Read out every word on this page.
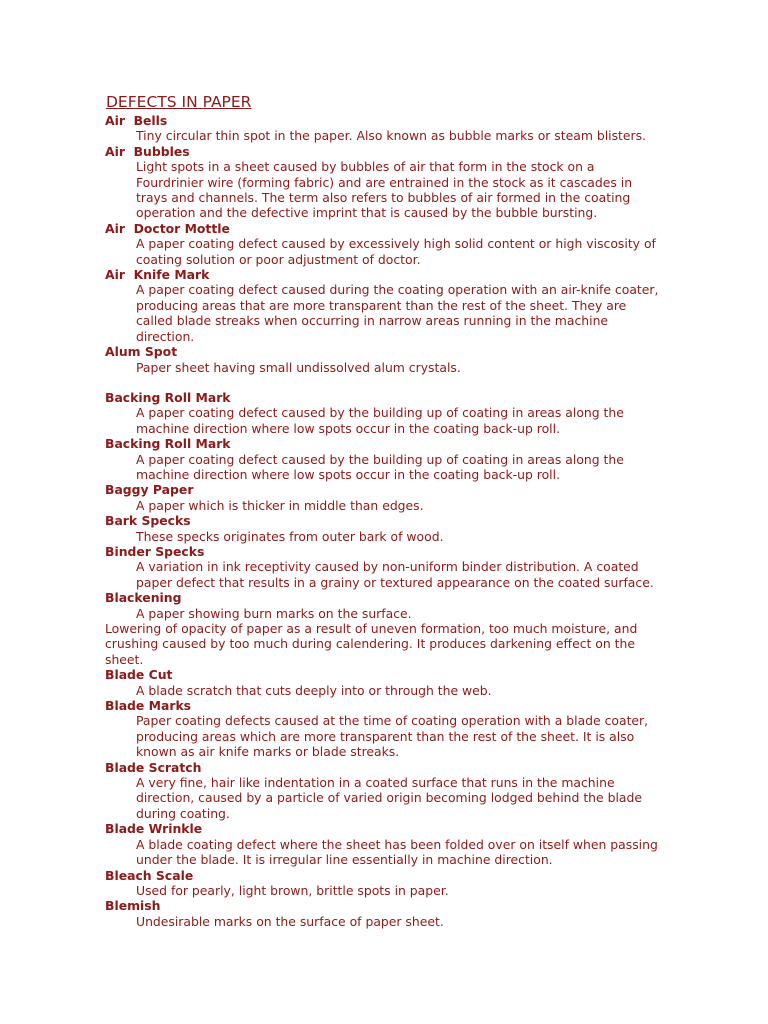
DEFECTS IN PAPER
Air  Bells
Tiny circular thin spot in the paper. Also known as bubble marks or steam blisters.
Air  Bubbles
Light spots in a sheet caused by bubbles of air that form in the stock on a Fourdrinier wire (forming fabric) and are entrained in the stock as it cascades in trays and channels. The term also refers to bubbles of air formed in the coating operation and the defective imprint that is caused by the bubble bursting.
Air  Doctor Mottle
A paper coating defect caused by excessively high solid content or high viscosity of coating solution or poor adjustment of doctor.
Air  Knife Mark
A paper coating defect caused during the coating operation with an air-knife coater, producing areas that are more transparent than the rest of the sheet. They are called blade streaks when occurring in narrow areas running in the machine direction.
Alum Spot
Paper sheet having small undissolved alum crystals.
Backing Roll Mark
A paper coating defect caused by the building up of coating in areas along the machine direction where low spots occur in the coating back-up roll.
Backing Roll Mark
A paper coating defect caused by the building up of coating in areas along the machine direction where low spots occur in the coating back-up roll.
Baggy Paper
A paper which is thicker in middle than edges.
Bark Specks
These specks originates from outer bark of wood.
Binder Specks
A variation in ink receptivity caused by non-uniform binder distribution. A coated paper defect that results in a grainy or textured appearance on the coated surface.
Blackening
A paper showing burn marks on the surface.
Lowering of opacity of paper as a result of uneven formation, too much moisture, and crushing caused by too much during calendering. It produces darkening effect on the sheet.
Blade Cut
A blade scratch that cuts deeply into or through the web.
Blade Marks
Paper coating defects caused at the time of coating operation with a blade coater, producing areas which are more transparent than the rest of the sheet. It is also known as air knife marks or blade streaks.
Blade Scratch
A very fine, hair like indentation in a coated surface that runs in the machine direction, caused by a particle of varied origin becoming lodged behind the blade during coating.
Blade Wrinkle
A blade coating defect where the sheet has been folded over on itself when passing under the blade. It is irregular line essentially in machine direction.
Bleach Scale
Used for pearly, light brown, brittle spots in paper.
Blemish
Undesirable marks on the surface of paper sheet.
